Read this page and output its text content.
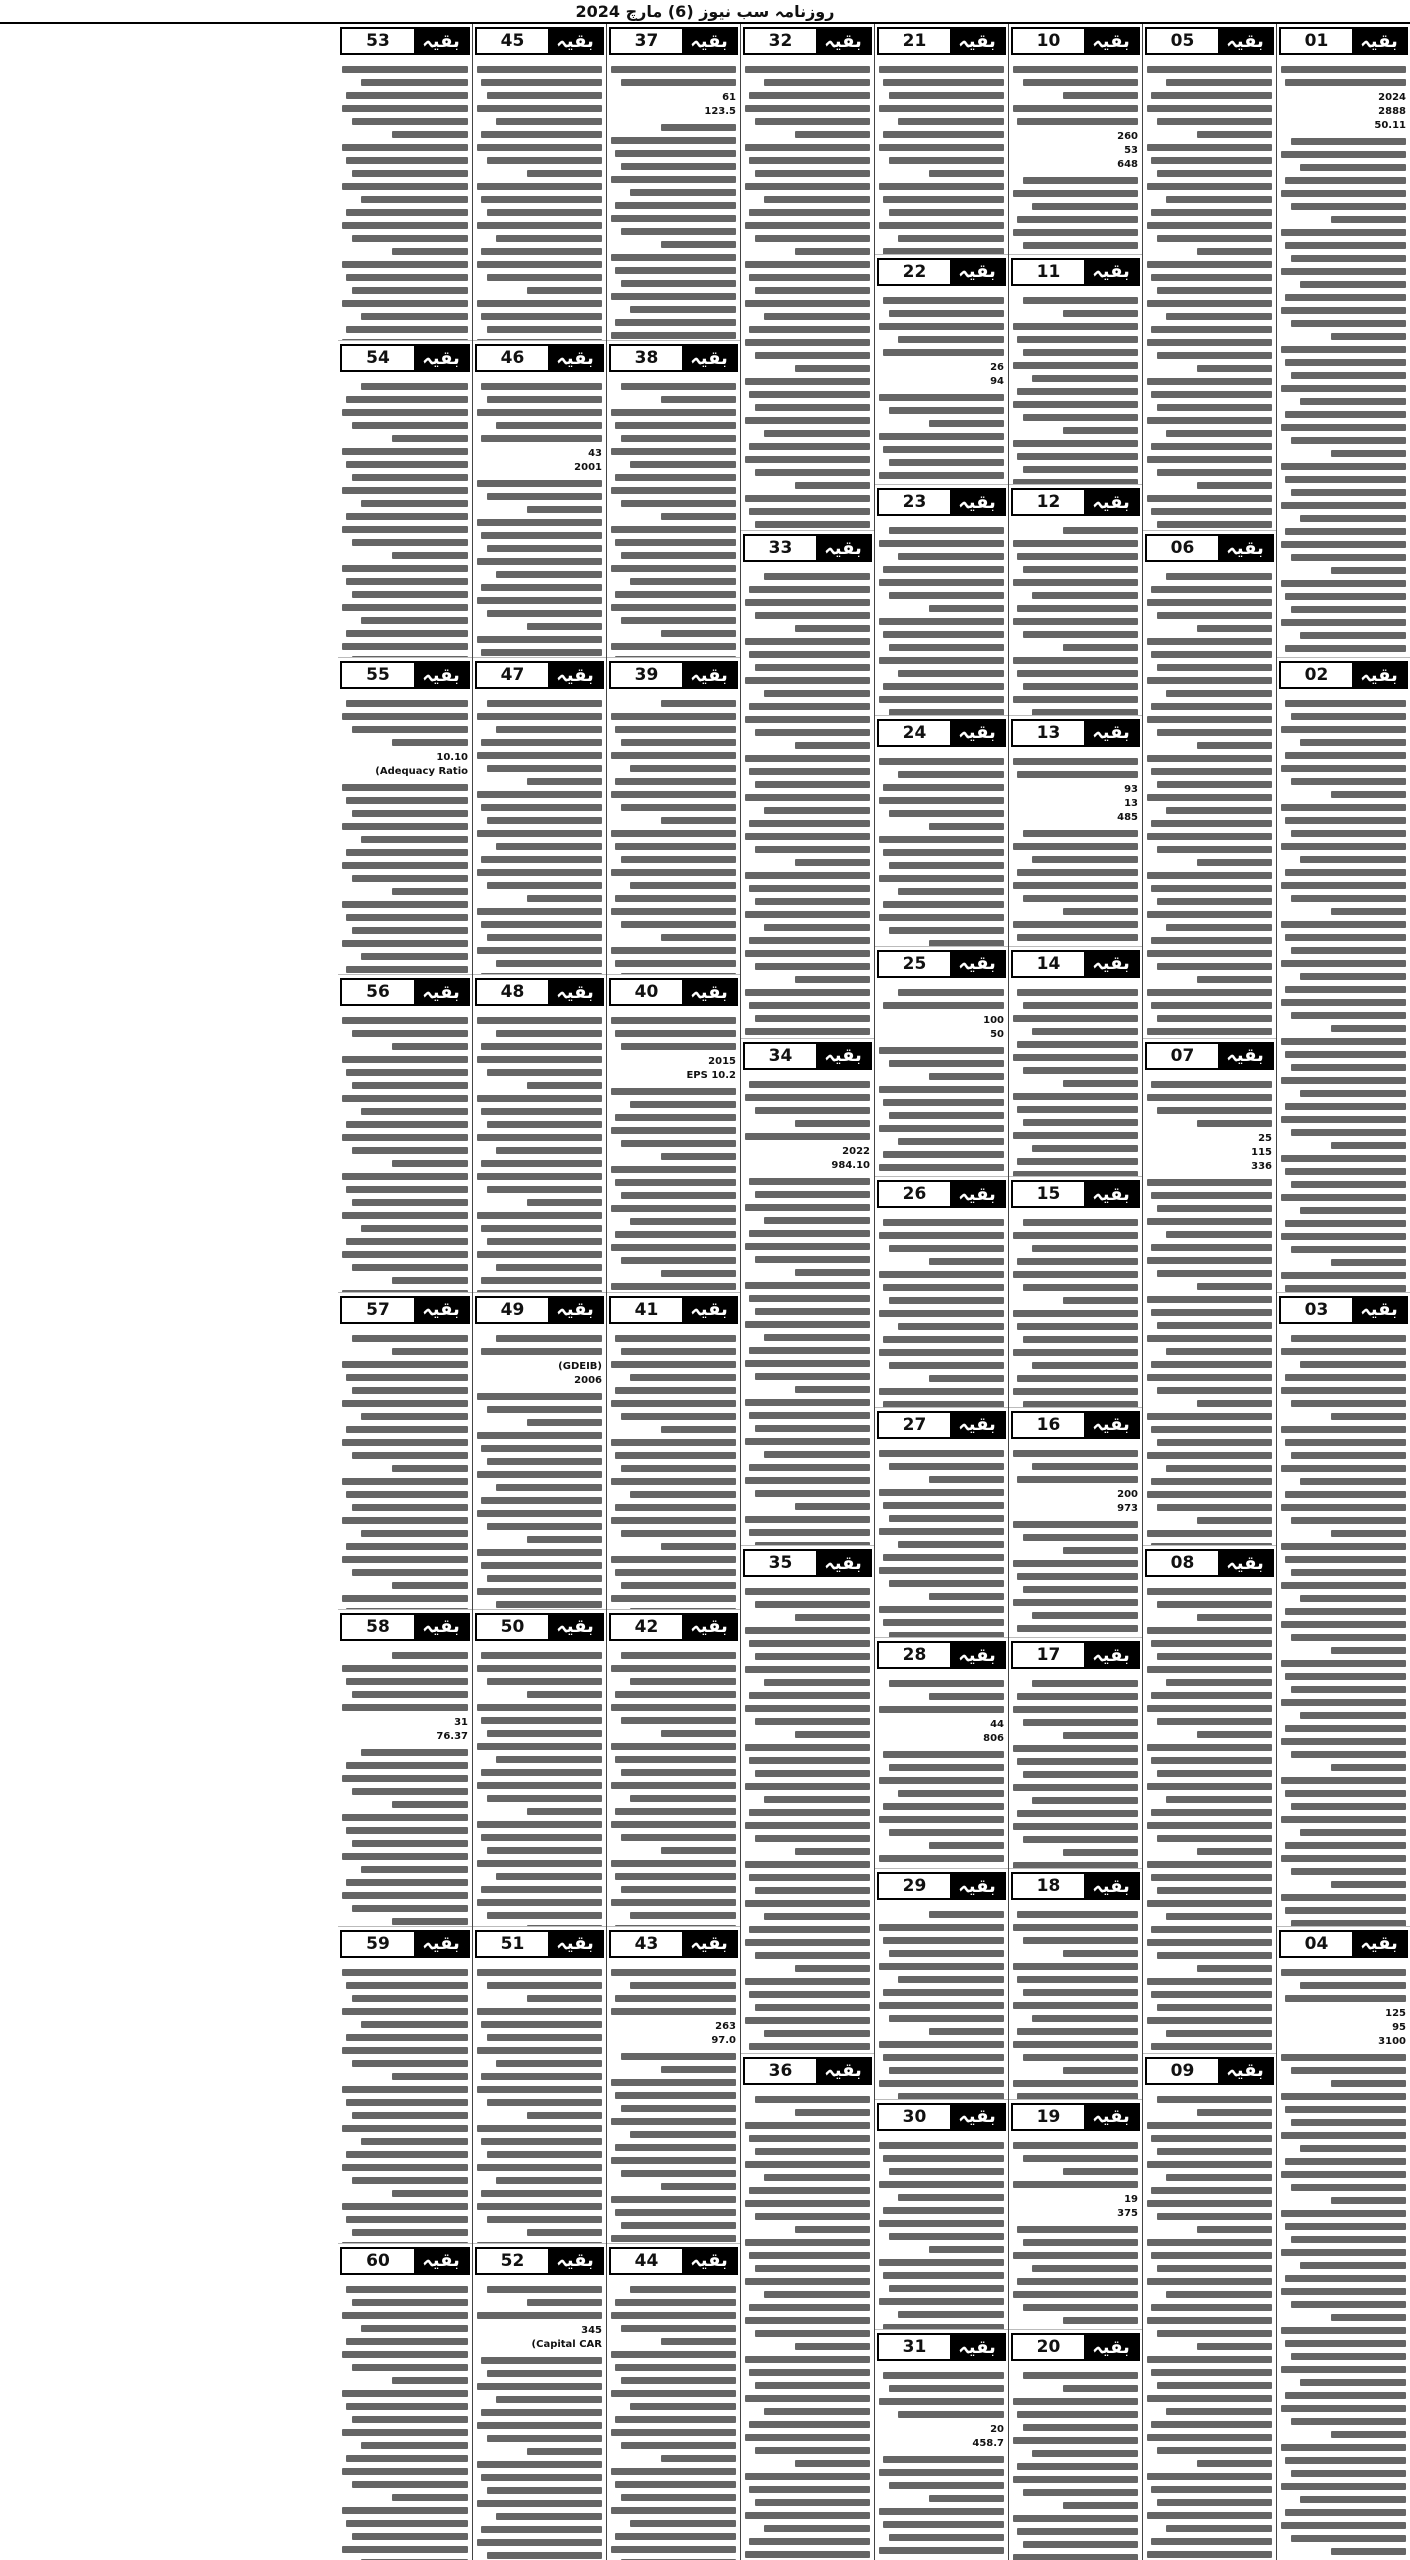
روزنامہ سب نیوز (6) مارچ 2024
بقیہ
01
2024
2888
50.11
بقیہ
02
بقیہ
03
بقیہ
04
125
95
3100
بقیہ
05
بقیہ
06
بقیہ
07
25
115
336
بقیہ
08
بقیہ
09
بقیہ
10
260
53
648
بقیہ
11
بقیہ
12
بقیہ
13
93
13
485
بقیہ
14
بقیہ
15
بقیہ
16
200
973
بقیہ
17
بقیہ
18
بقیہ
19
19
375
بقیہ
20
بقیہ
21
بقیہ
22
26
94
بقیہ
23
بقیہ
24
بقیہ
25
100
50
بقیہ
26
بقیہ
27
بقیہ
28
44
806
بقیہ
29
بقیہ
30
بقیہ
31
20
458.7
بقیہ
32
بقیہ
33
بقیہ
34
2022
984.10
بقیہ
35
بقیہ
36
بقیہ
37
61
123.5
بقیہ
38
بقیہ
39
بقیہ
40
2015
EPS 10.2
بقیہ
41
بقیہ
42
بقیہ
43
263
97.0
بقیہ
44
بقیہ
45
بقیہ
46
43
2001
بقیہ
47
بقیہ
48
بقیہ
49
(GDEIB)
2006
بقیہ
50
بقیہ
51
بقیہ
52
345
(Capital CAR
بقیہ
53
بقیہ
54
بقیہ
55
10.10
(Adequacy Ratio
بقیہ
56
بقیہ
57
بقیہ
58
31
76.37
بقیہ
59
بقیہ
60
